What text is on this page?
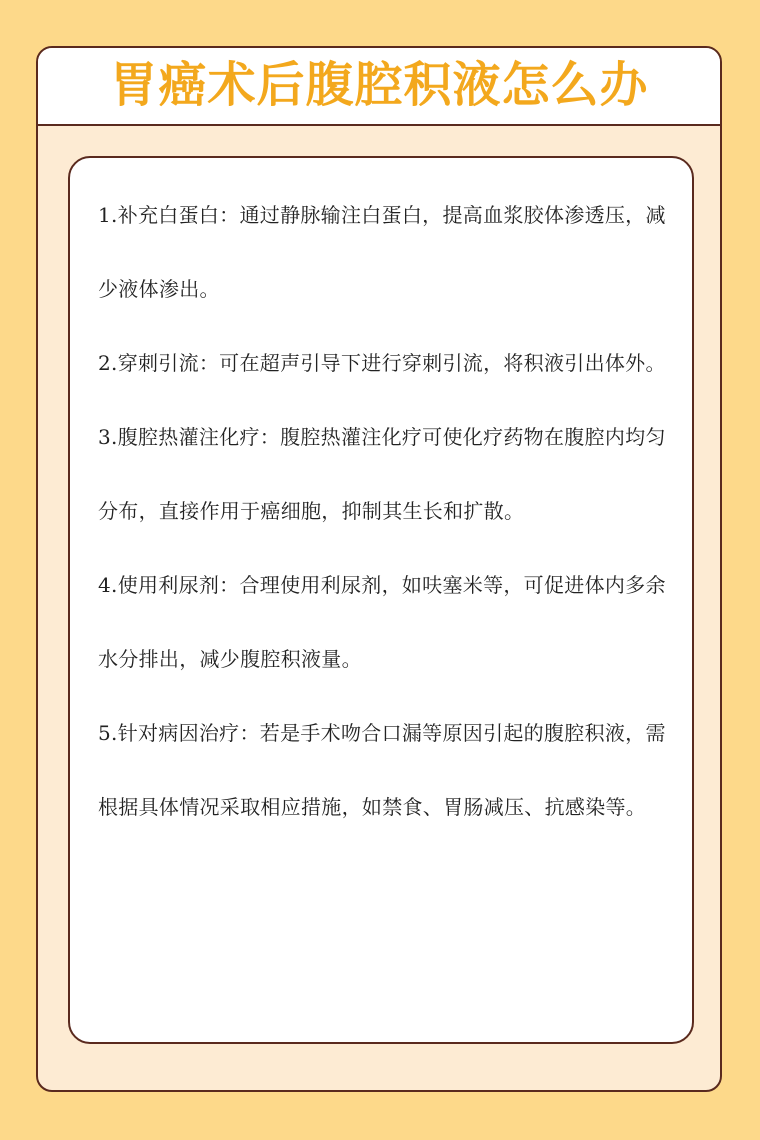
胃癌术后腹腔积液怎么办

1.补充白蛋白：通过静脉输注白蛋白，提高血浆胶体渗透压，减少液体渗出。

2.穿刺引流：可在超声引导下进行穿刺引流，将积液引出体外。

3.腹腔热灌注化疗：腹腔热灌注化疗可使化疗药物在腹腔内均匀分布，直接作用于癌细胞，抑制其生长和扩散。

4.使用利尿剂：合理使用利尿剂，如呋塞米等，可促进体内多余水分排出，减少腹腔积液量。

5.针对病因治疗：若是手术吻合口漏等原因引起的腹腔积液，需根据具体情况采取相应措施，如禁食、胃肠减压、抗感染等。
